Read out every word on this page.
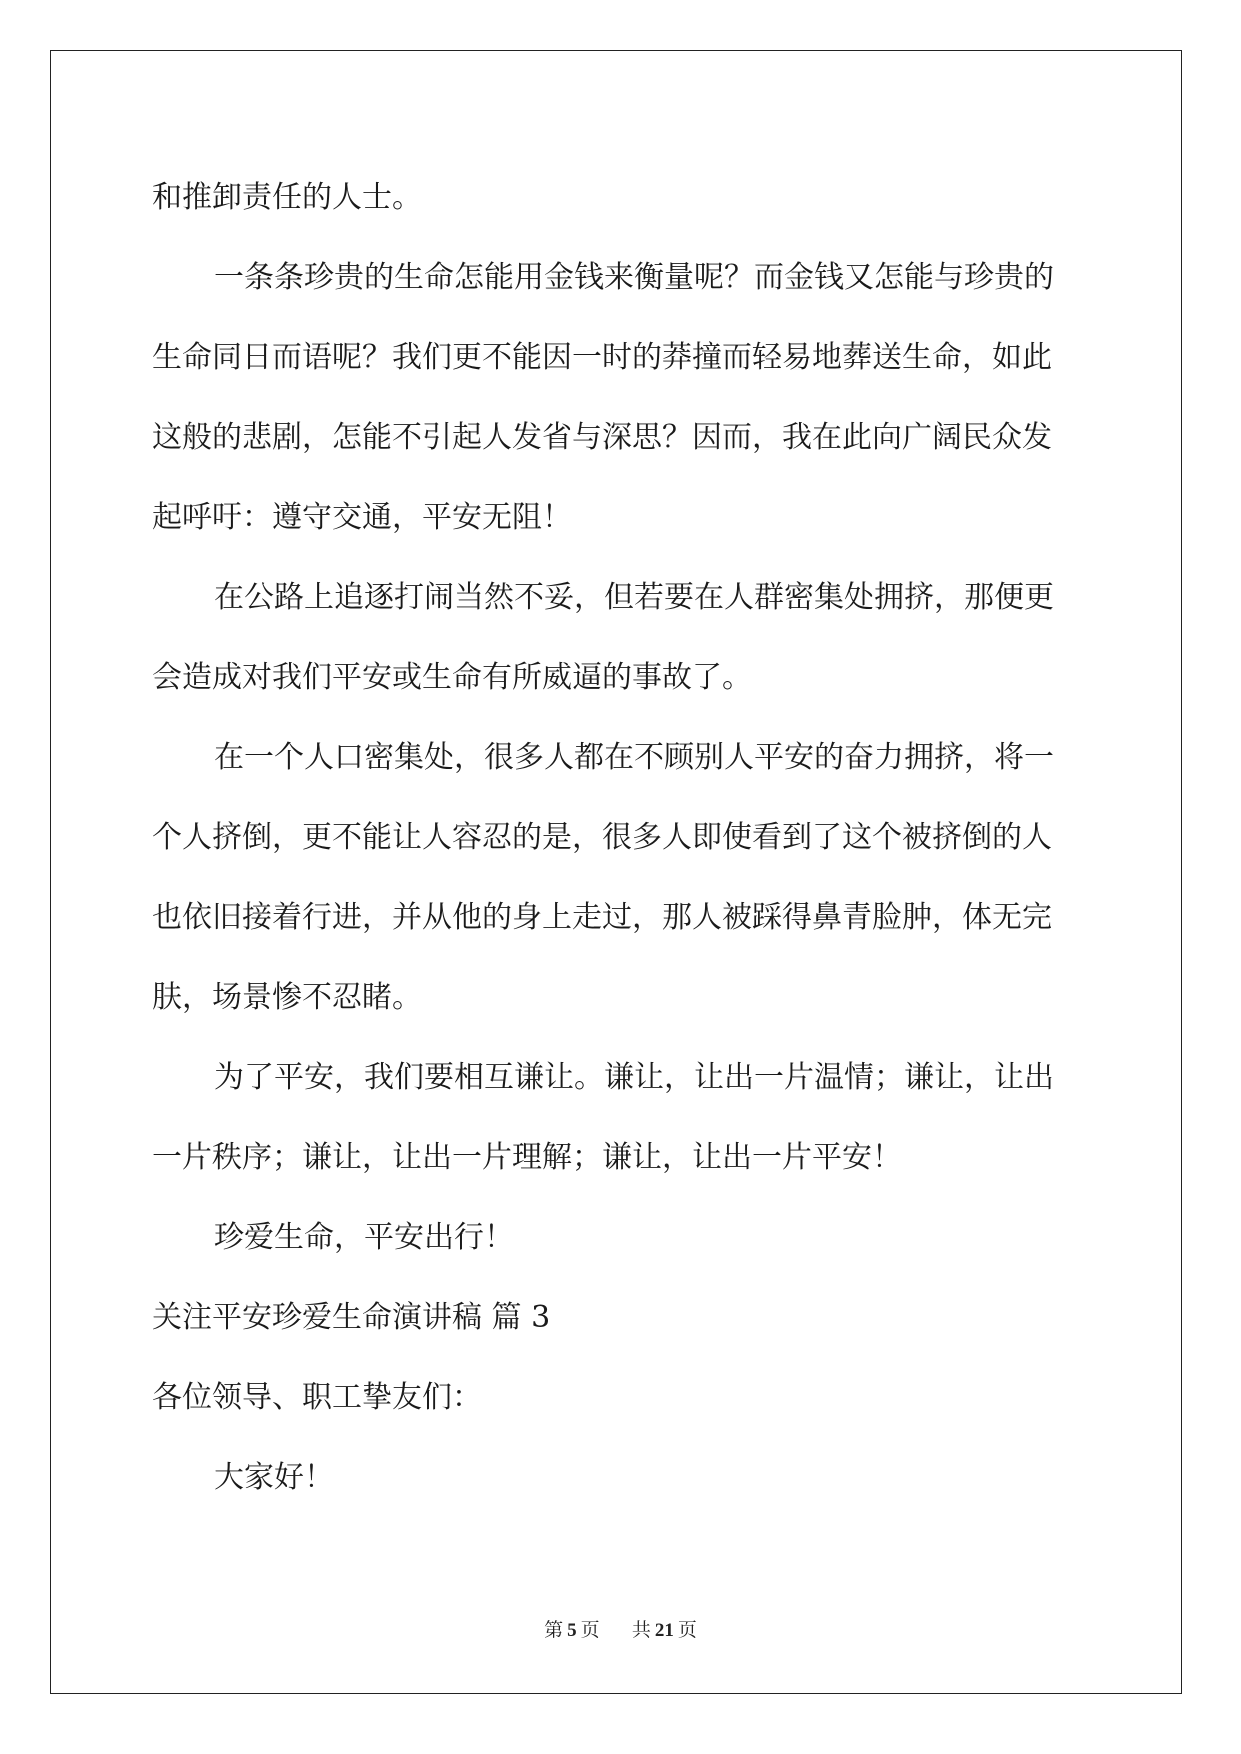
和推卸责任的人士。
一条条珍贵的生命怎能用金钱来衡量呢？而金钱又怎能与珍贵的
生命同日而语呢？我们更不能因一时的莽撞而轻易地葬送生命，如此
这般的悲剧，怎能不引起人发省与深思？因而，我在此向广阔民众发
起呼吁：遵守交通，平安无阻！
在公路上追逐打闹当然不妥，但若要在人群密集处拥挤，那便更
会造成对我们平安或生命有所威逼的事故了。
在一个人口密集处，很多人都在不顾别人平安的奋力拥挤，将一
个人挤倒，更不能让人容忍的是，很多人即使看到了这个被挤倒的人
也依旧接着行进，并从他的身上走过，那人被踩得鼻青脸肿，体无完
肤，场景惨不忍睹。
为了平安，我们要相互谦让。谦让，让出一片温情；谦让，让出
一片秩序；谦让，让出一片理解；谦让，让出一片平安！
珍爱生命，平安出行！
关注平安珍爱生命演讲稿 篇 3
各位领导、职工挚友们：
大家好！
第 5 页 共 21 页
